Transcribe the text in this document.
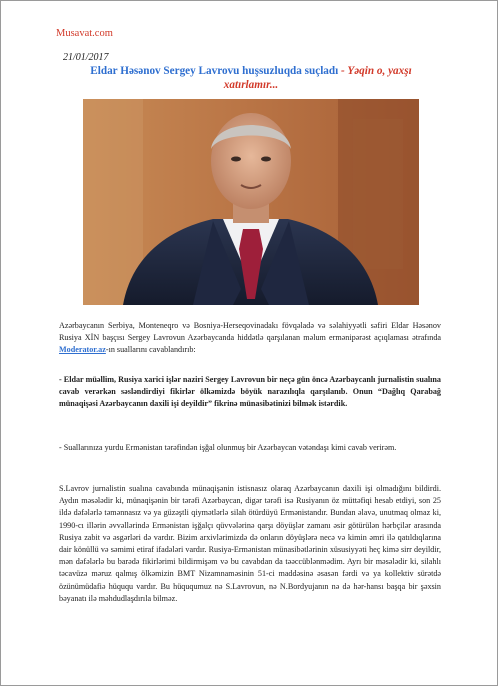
Musavat.com
21/01/2017
Eldar Həsənov Sergey Lavrovu huşsuzluqda suçladı - Yəqin o, yaxşı xatırlamır...
Azərbaycanın Serbiya, Monteneqro və Bosniya-Herseqovinadakı fövqəladə və səlahiyyətli səfiri Eldar Həsənov Rusiya XİN başçısı Sergey Lavrovun Azərbaycanda hiddətlə qarşılanan məlum ermənipərəst açıqlaması ətrafında Moderator.az-ın suallarını cavablandırıb:
- Eldar müəllim, Rusiya xarici işlər naziri Sergey Lavrovun bir neçə gün öncə Azərbaycanlı jurnalistin sualına cavab verərkən səsləndirdiyi fikirlər ölkəmizdə böyük narazılıqla qarşılanıb. Onun “Dağlıq Qarabağ münaqişəsi Azərbaycanın daxili işi deyildir” fikrinə münasibətinizi bilmək istərdik.
- Suallarınıza yurdu Ermənistan tərəfindən işğal olunmuş bir Azərbaycan vətəndaşı kimi cavab verirəm.
S.Lavrov jurnalistin sualına cavabında münaqişənin istisnasız olaraq Azərbaycanın daxili işi olmadığını bildirdi. Aydın məsələdir ki, münaqişənin bir tərəfi Azərbaycan, digər tərəfi isə Rusiyanın öz müttəfiqi hesab etdiyi, son 25 ildə dəfələrlə təmənnasız və ya güzəştli qiymətlərlə silah ötürdüyü Ermənistandır. Bundan əlavə, unutmaq olmaz ki, 1990-cı illərin əvvəllərində Ermənistan işğalçı qüvvələrinə qarşı döyüşlər zamanı əsir götürülən hərbçilər arasında Rusiya zabit və əsgərləri də vardır. Bizim arxivlərimizdə də onların döyüşlərə necə və kimin əmri ilə qatıldıqlarına dair könüllü və səmimi etiraf ifadələri vardır. Rusiya-Ermənistan münasibətlərinin xüsusiyyəti heç kimə sirr deyildir, mən dəfələrlə bu barədə fikirlərimi bildirmişəm və bu cavabdan da təəccüblənmədim. Ayrı bir məsələdir ki, silahlı təcavüzə məruz qalmış ölkəmizin BMT Nizamnaməsinin 51-ci maddəsinə əsasən fərdi və ya kollektiv sürətdə özünümüdafiə hüququ vardır. Bu hüququmuz nə S.Lavrovun, nə N.Bordyujanın nə də hər-hansı başqa bir şəxsin bəyanatı ilə məhdudlaşdırıla bilməz.
